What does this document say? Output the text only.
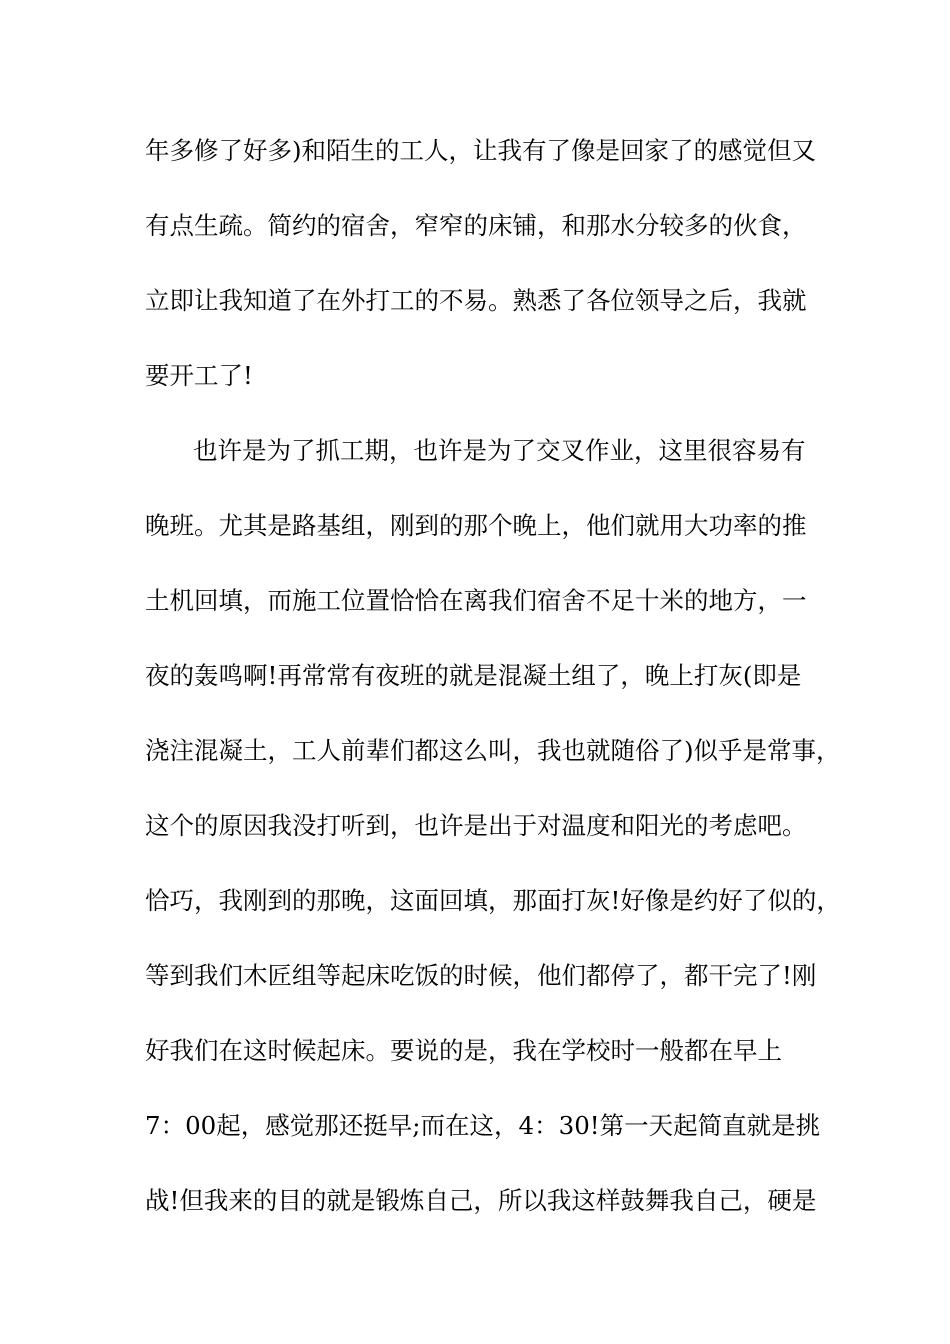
年多修了好多)和陌生的工人，让我有了像是回家了的感觉但又
有点生疏。简约的宿舍，窄窄的床铺，和那水分较多的伙食，
立即让我知道了在外打工的不易。熟悉了各位领导之后，我就
要开工了!
也许是为了抓工期，也许是为了交叉作业，这里很容易有
晚班。尤其是路基组，刚到的那个晚上，他们就用大功率的推
土机回填，而施工位置恰恰在离我们宿舍不足十米的地方，一
夜的轰鸣啊!再常常有夜班的就是混凝土组了，晚上打灰(即是
浇注混凝土，工人前辈们都这么叫，我也就随俗了)似乎是常事，
这个的原因我没打听到，也许是出于对温度和阳光的考虑吧。
恰巧，我刚到的那晚，这面回填，那面打灰!好像是约好了似的，
等到我们木匠组等起床吃饭的时候，他们都停了，都干完了!刚
好我们在这时候起床。要说的是，我在学校时一般都在早上
7：00起，感觉那还挺早;而在这，4：30!第一天起简直就是挑
战!但我来的目的就是锻炼自己，所以我这样鼓舞我自己，硬是
